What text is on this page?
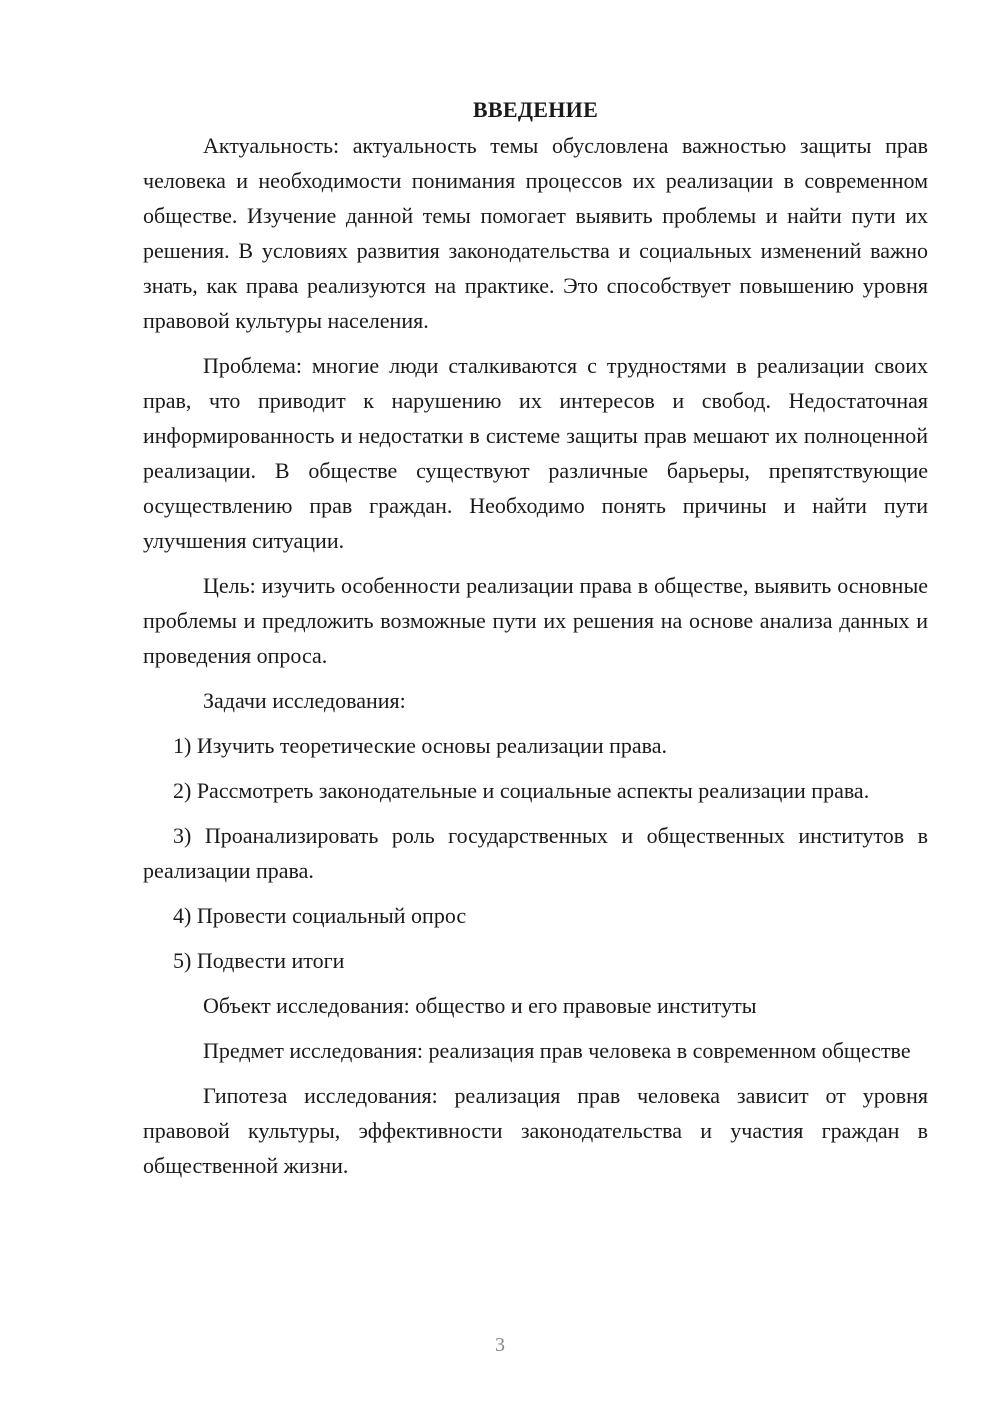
ВВЕДЕНИЕ

Актуальность: актуальность темы обусловлена важностью защиты прав человека и необходимости понимания процессов их реализации в современном обществе. Изучение данной темы помогает выявить проблемы и найти пути их решения. В условиях развития законодательства и социальных изменений важно знать, как права реализуются на практике. Это способствует повышению уровня правовой культуры населения.

Проблема: многие люди сталкиваются с трудностями в реализации своих прав, что приводит к нарушению их интересов и свобод. Недостаточная информированность и недостатки в системе защиты прав мешают их полноценной реализации. В обществе существуют различные барьеры, препятствующие осуществлению прав граждан. Необходимо понять причины и найти пути улучшения ситуации.

Цель: изучить особенности реализации права в обществе, выявить основные проблемы и предложить возможные пути их решения на основе анализа данных и проведения опроса.

Задачи исследования:

1) Изучить теоретические основы реализации права.

2) Рассмотреть законодательные и социальные аспекты реализации права.

3) Проанализировать роль государственных и общественных институтов в реализации права.

4) Провести социальный опрос

5) Подвести итоги

Объект исследования: общество и его правовые институты

Предмет исследования: реализация прав человека в современном обществе

Гипотеза исследования: реализация прав человека зависит от уровня правовой культуры, эффективности законодательства и участия граждан в общественной жизни.

3
